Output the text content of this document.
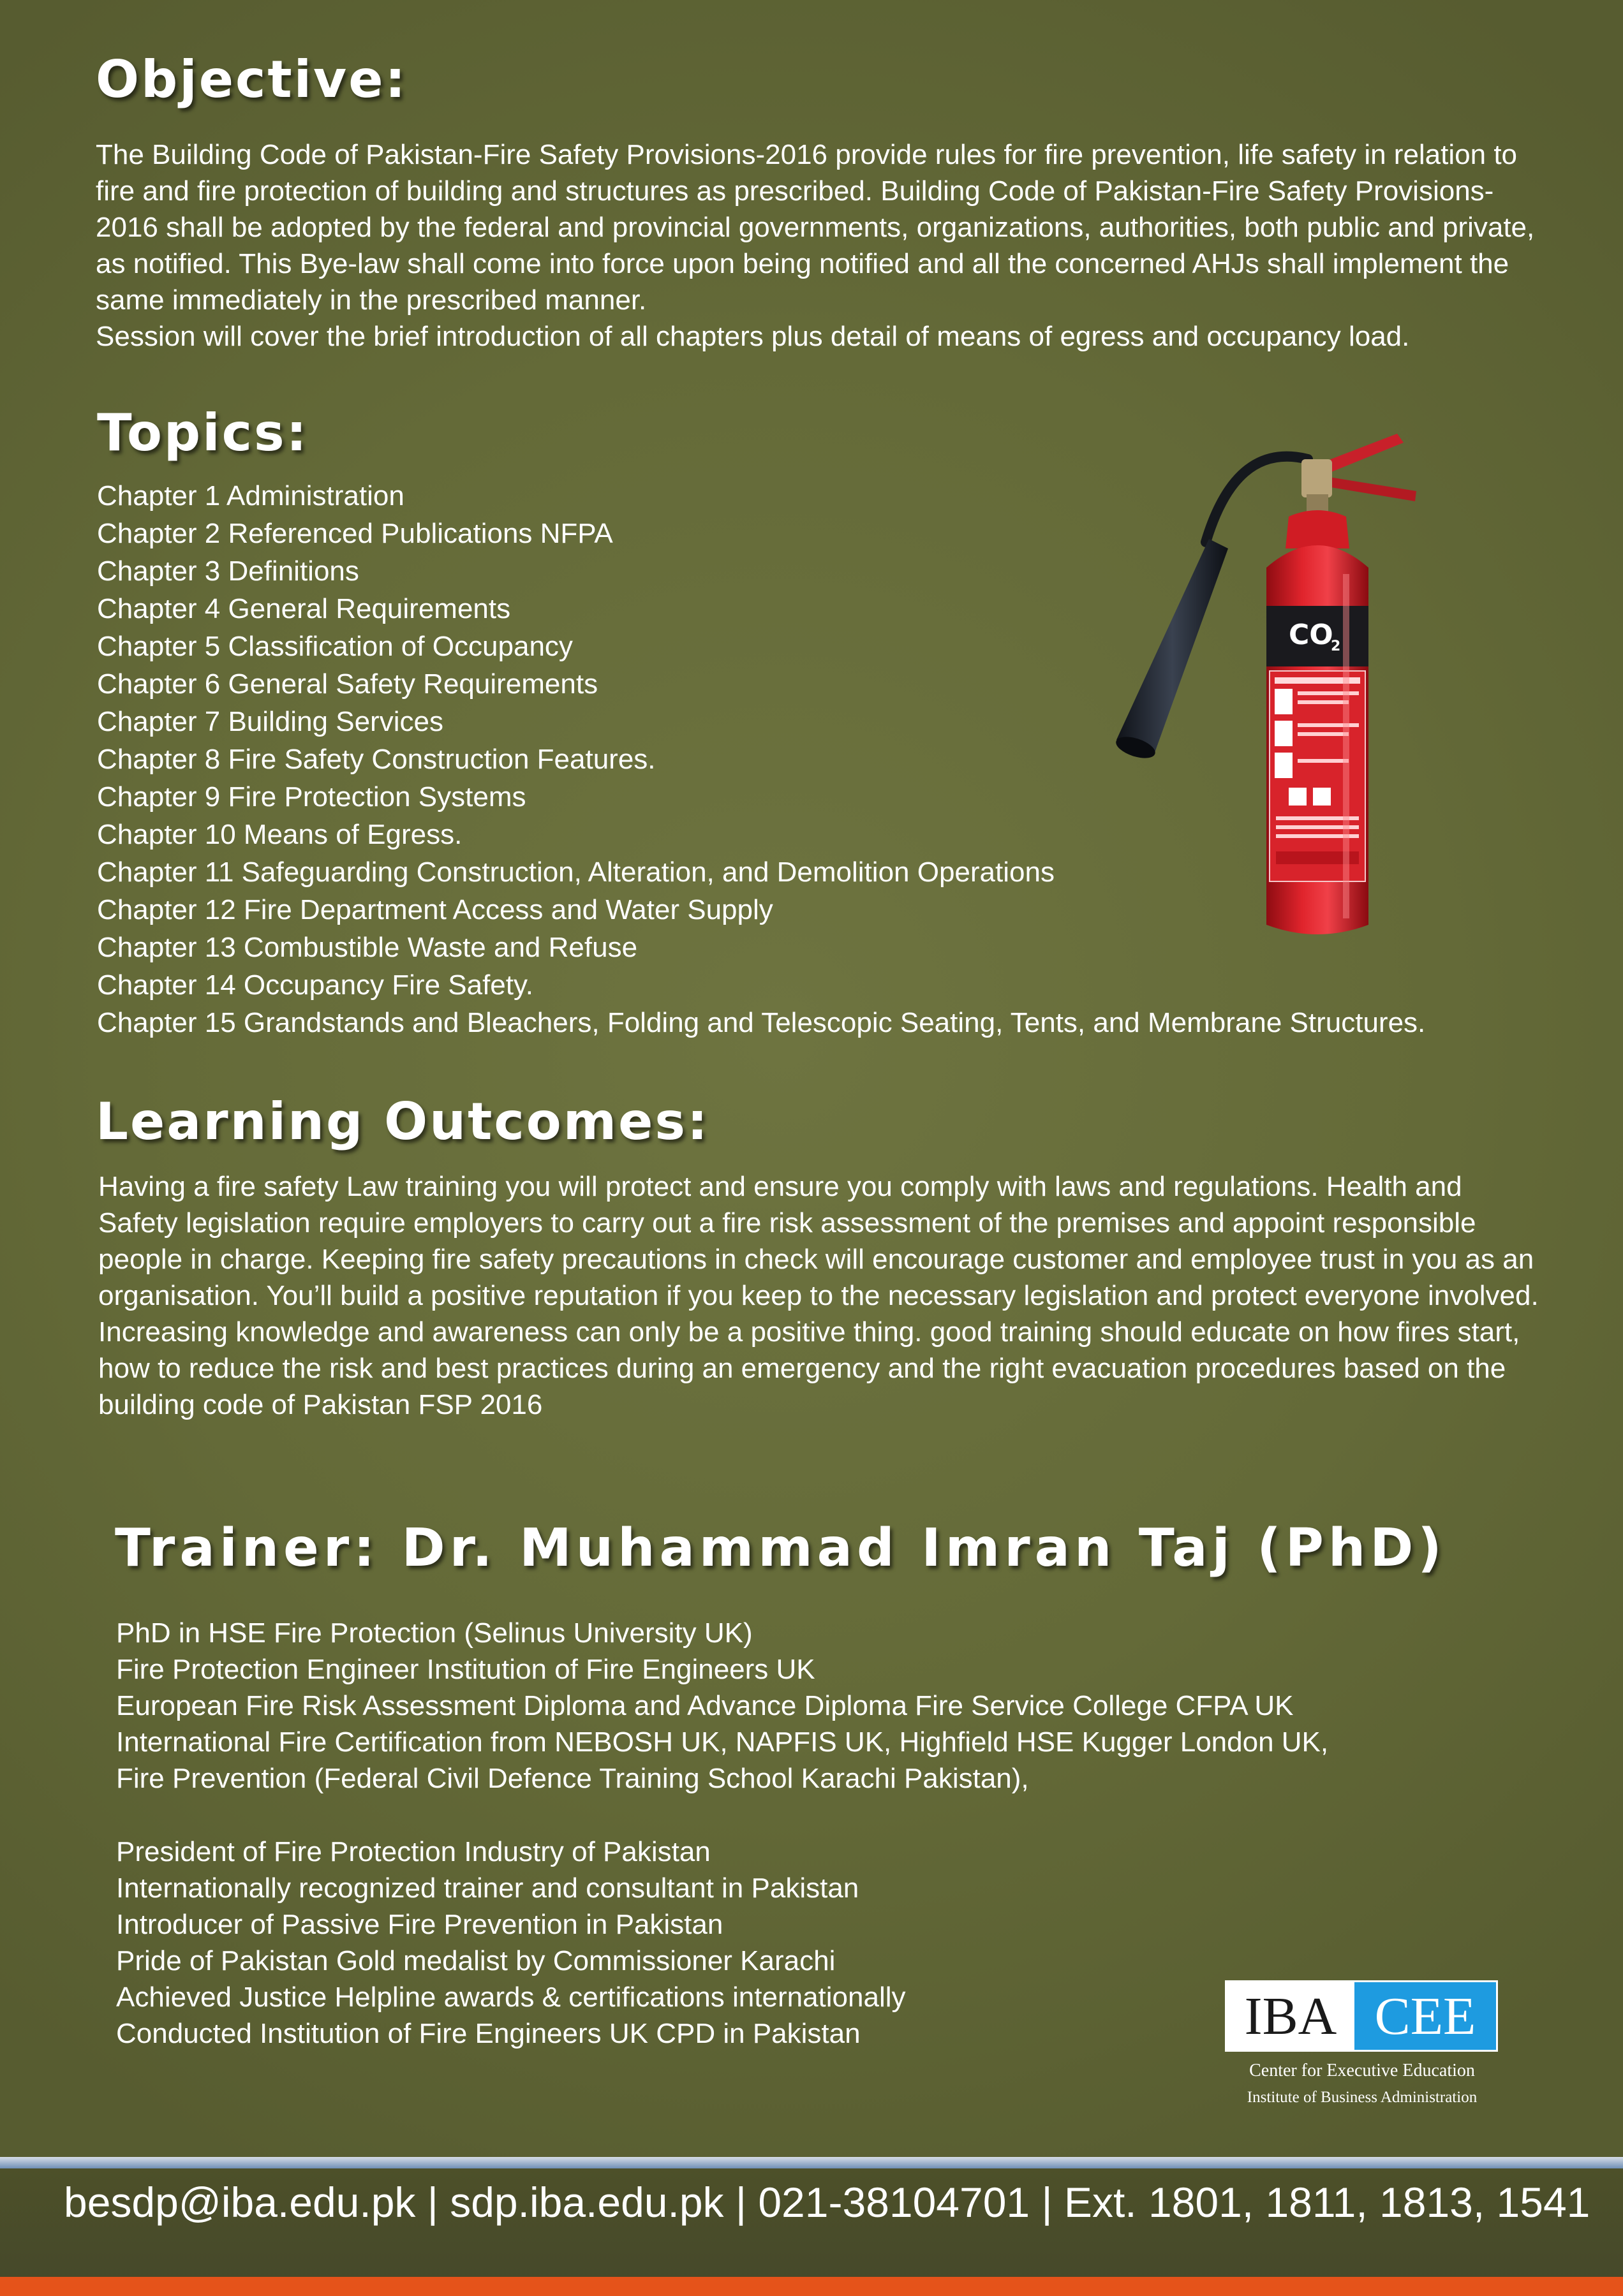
Objective:

The Building Code of Pakistan-Fire Safety Provisions-2016 provide rules for fire prevention, life safety in relation to fire and fire protection of building and structures as prescribed. Building Code of Pakistan-Fire Safety Provisions-2016 shall be adopted by the federal and provincial governments, organizations, authorities, both public and private, as notified. This Bye-law shall come into force upon being notified and all the concerned AHJs shall implement the same immediately in the prescribed manner.

Session will cover the brief introduction of all chapters plus detail of means of egress and occupancy load.

Topics:
Chapter 1 Administration
Chapter 2 Referenced Publications NFPA
Chapter 3 Definitions
Chapter 4 General Requirements
Chapter 5 Classification of Occupancy
Chapter 6 General Safety Requirements
Chapter 7 Building Services
Chapter 8 Fire Safety Construction Features.
Chapter 9 Fire Protection Systems
Chapter 10 Means of Egress.
Chapter 11 Safeguarding Construction, Alteration, and Demolition Operations
Chapter 12 Fire Department Access and Water Supply
Chapter 13 Combustible Waste and Refuse
Chapter 14 Occupancy Fire Safety.
Chapter 15 Grandstands and Bleachers, Folding and Telescopic Seating, Tents, and Membrane Structures.
CO
2
Learning Outcomes:

Having a fire safety Law training you will protect and ensure you comply with laws and regulations. Health and Safety legislation require employers to carry out a fire risk assessment of the premises and appoint responsible people in charge. Keeping fire safety precautions in check will encourage customer and employee trust in you as an organisation. You’ll build a positive reputation if you keep to the necessary legislation and protect everyone involved.

Increasing knowledge and awareness can only be a positive thing. good training should educate on how fires start, how to reduce the risk and best practices during an emergency and the right evacuation procedures based on the building code of Pakistan FSP 2016

Trainer: Dr. Muhammad Imran Taj (PhD)
PhD in HSE Fire Protection (Selinus University UK)
Fire Protection Engineer Institution of Fire Engineers UK
European Fire Risk Assessment Diploma and Advance Diploma Fire Service College CFPA UK
International Fire Certification from NEBOSH UK, NAPFIS UK, Highfield HSE Kugger London UK,
Fire Prevention (Federal Civil Defence Training School Karachi Pakistan),
President of Fire Protection Industry of Pakistan
Internationally recognized trainer and consultant in Pakistan
Introducer of Passive Fire Prevention in Pakistan
Pride of Pakistan Gold medalist by Commissioner Karachi
Achieved Justice Helpline awards & certifications internationally
Conducted Institution of Fire Engineers UK CPD in Pakistan	IBA CEE
Center for Executive Education
Institute of Business Administration
besdp@iba.edu.pk | sdp.iba.edu.pk | 021-38104701 | Ext. 1801, 1811, 1813, 1541
